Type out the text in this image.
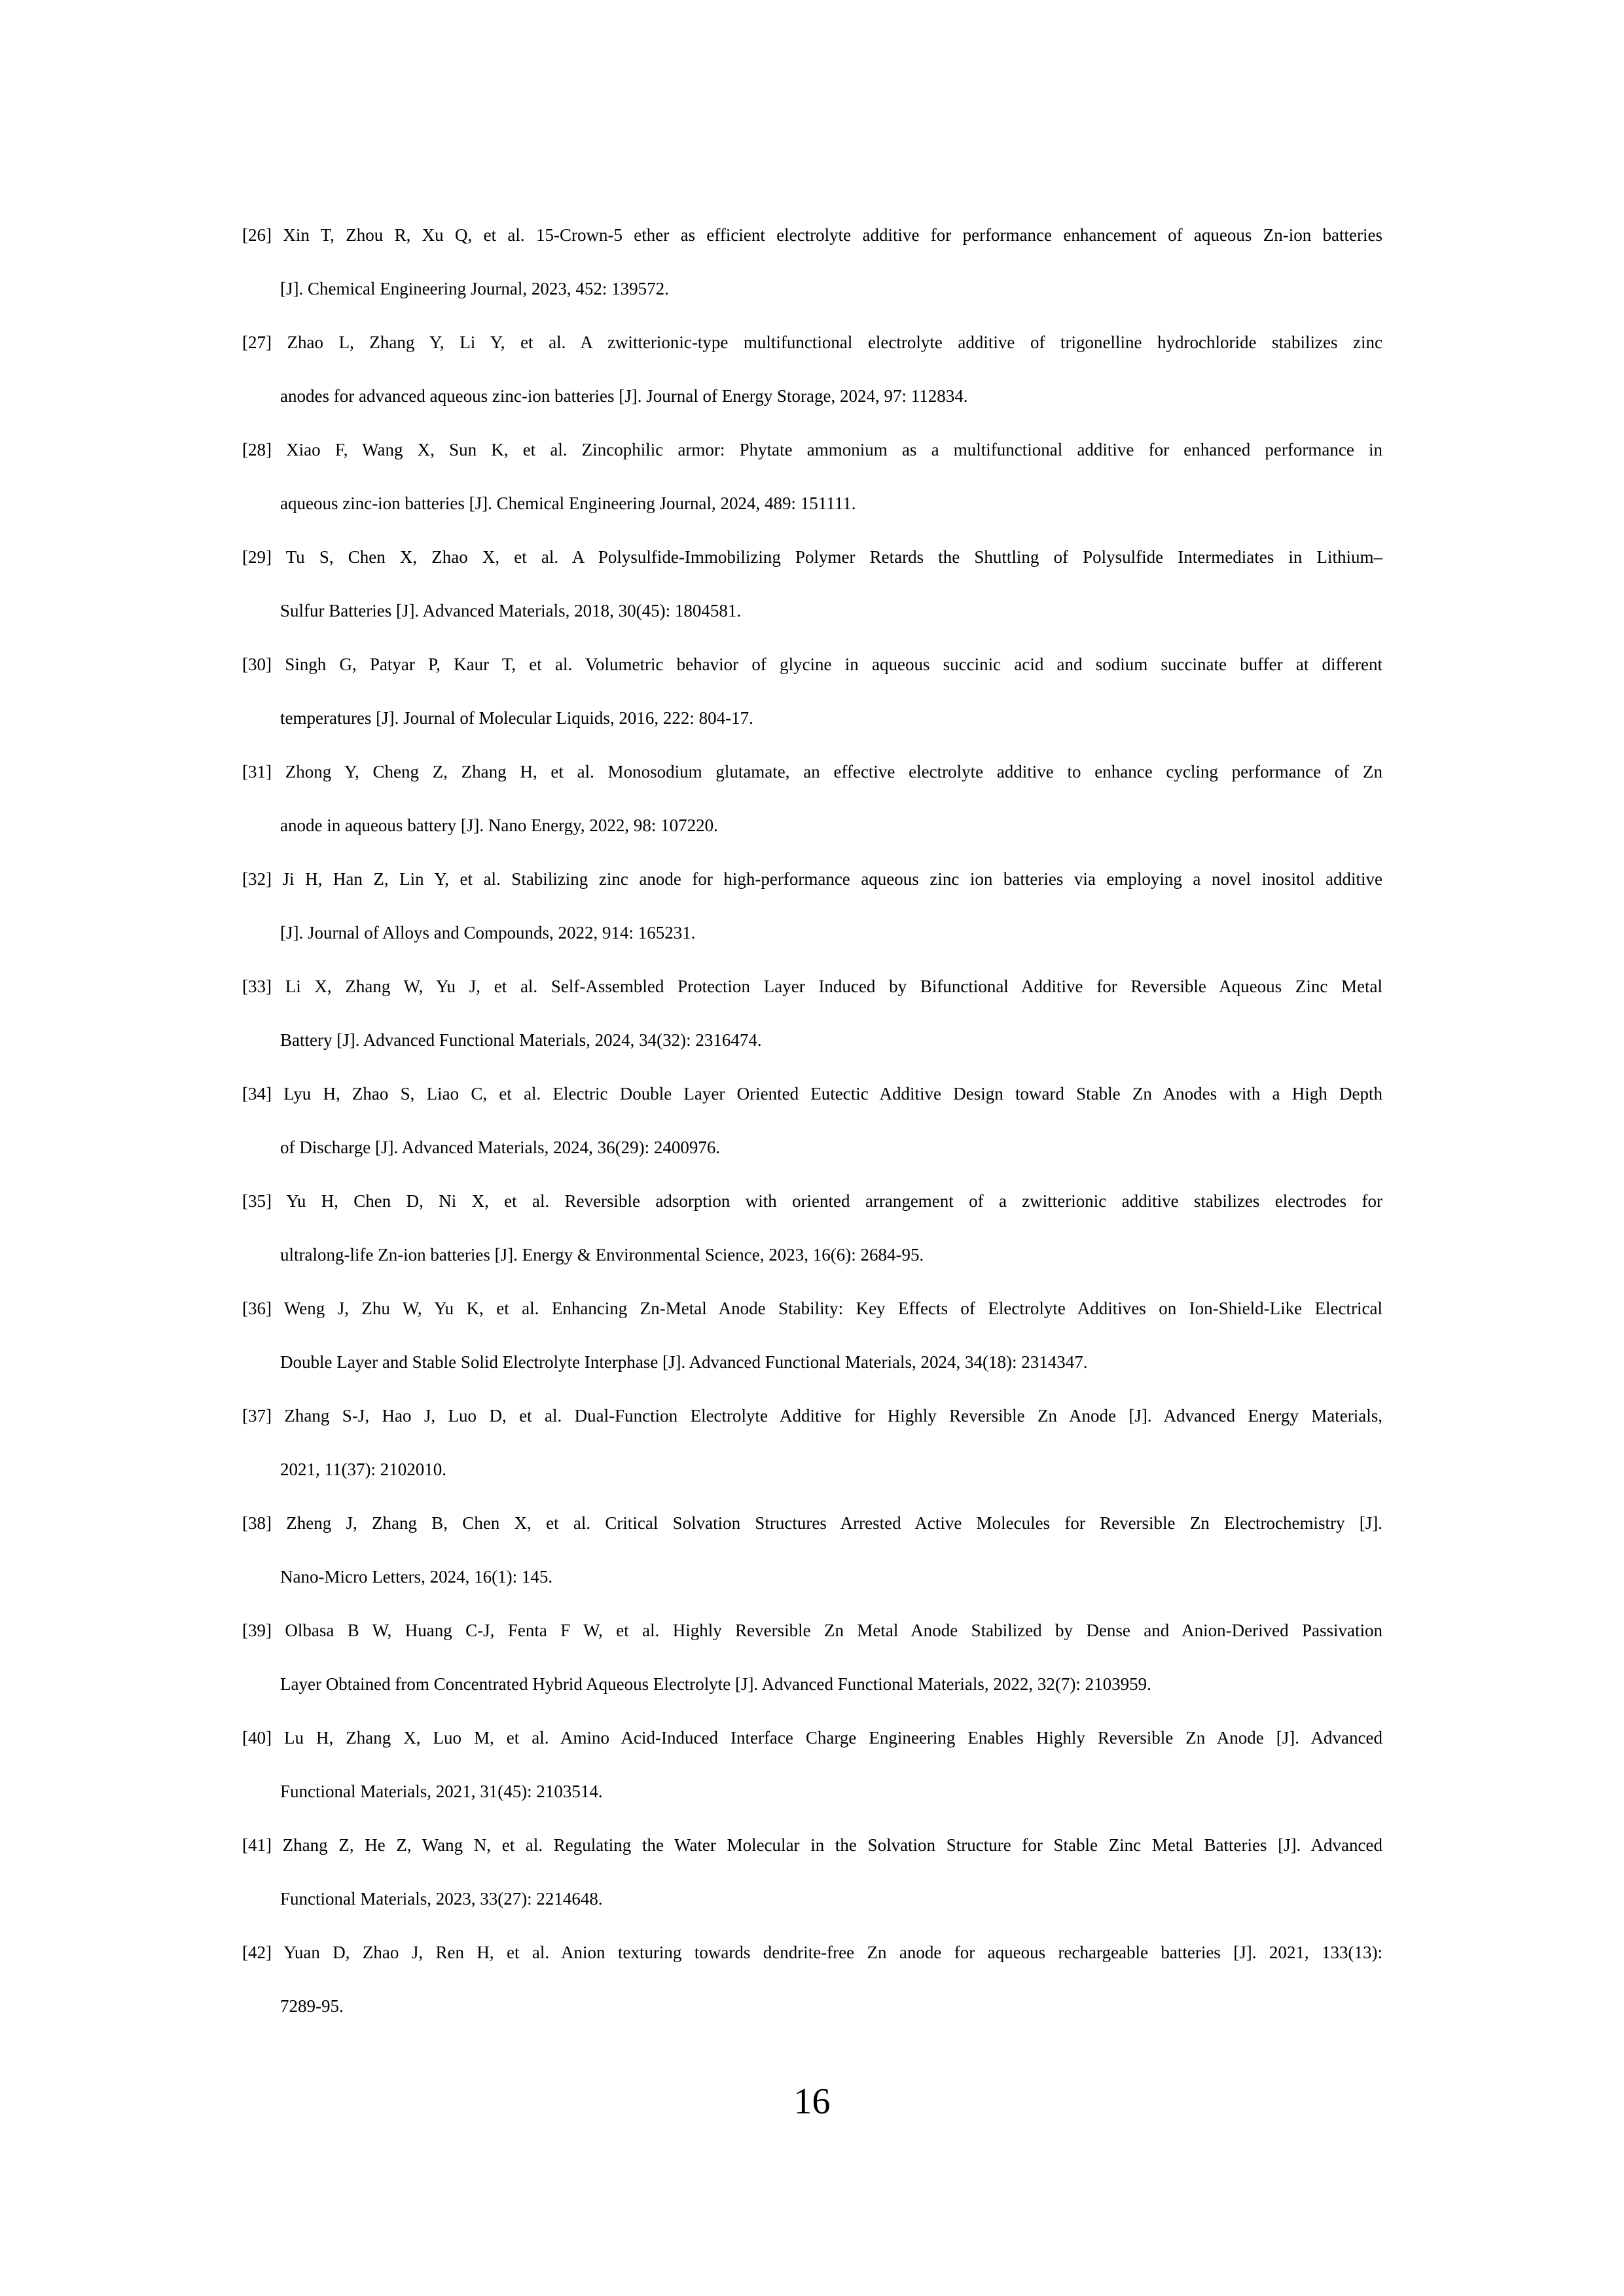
[26] Xin T, Zhou R, Xu Q, et al. 15-Crown-5 ether as efficient electrolyte additive for performance enhancement of aqueous Zn-ion batteries
[J]. Chemical Engineering Journal, 2023, 452: 139572.
[27] Zhao L, Zhang Y, Li Y, et al. A zwitterionic-type multifunctional electrolyte additive of trigonelline hydrochloride stabilizes zinc
anodes for advanced aqueous zinc-ion batteries [J]. Journal of Energy Storage, 2024, 97: 112834.
[28] Xiao F, Wang X, Sun K, et al. Zincophilic armor: Phytate ammonium as a multifunctional additive for enhanced performance in
aqueous zinc-ion batteries [J]. Chemical Engineering Journal, 2024, 489: 151111.
[29] Tu S, Chen X, Zhao X, et al. A Polysulfide-Immobilizing Polymer Retards the Shuttling of Polysulfide Intermediates in Lithium–
Sulfur Batteries [J]. Advanced Materials, 2018, 30(45): 1804581.
[30] Singh G, Patyar P, Kaur T, et al. Volumetric behavior of glycine in aqueous succinic acid and sodium succinate buffer at different
temperatures [J]. Journal of Molecular Liquids, 2016, 222: 804-17.
[31] Zhong Y, Cheng Z, Zhang H, et al. Monosodium glutamate, an effective electrolyte additive to enhance cycling performance of Zn
anode in aqueous battery [J]. Nano Energy, 2022, 98: 107220.
[32] Ji H, Han Z, Lin Y, et al. Stabilizing zinc anode for high-performance aqueous zinc ion batteries via employing a novel inositol additive
[J]. Journal of Alloys and Compounds, 2022, 914: 165231.
[33] Li X, Zhang W, Yu J, et al. Self-Assembled Protection Layer Induced by Bifunctional Additive for Reversible Aqueous Zinc Metal
Battery [J]. Advanced Functional Materials, 2024, 34(32): 2316474.
[34] Lyu H, Zhao S, Liao C, et al. Electric Double Layer Oriented Eutectic Additive Design toward Stable Zn Anodes with a High Depth
of Discharge [J]. Advanced Materials, 2024, 36(29): 2400976.
[35] Yu H, Chen D, Ni X, et al. Reversible adsorption with oriented arrangement of a zwitterionic additive stabilizes electrodes for
ultralong-life Zn-ion batteries [J]. Energy & Environmental Science, 2023, 16(6): 2684-95.
[36] Weng J, Zhu W, Yu K, et al. Enhancing Zn-Metal Anode Stability: Key Effects of Electrolyte Additives on Ion-Shield-Like Electrical
Double Layer and Stable Solid Electrolyte Interphase [J]. Advanced Functional Materials, 2024, 34(18): 2314347.
[37] Zhang S-J, Hao J, Luo D, et al. Dual-Function Electrolyte Additive for Highly Reversible Zn Anode [J]. Advanced Energy Materials,
2021, 11(37): 2102010.
[38] Zheng J, Zhang B, Chen X, et al. Critical Solvation Structures Arrested Active Molecules for Reversible Zn Electrochemistry [J].
Nano-Micro Letters, 2024, 16(1): 145.
[39] Olbasa B W, Huang C-J, Fenta F W, et al. Highly Reversible Zn Metal Anode Stabilized by Dense and Anion-Derived Passivation
Layer Obtained from Concentrated Hybrid Aqueous Electrolyte [J]. Advanced Functional Materials, 2022, 32(7): 2103959.
[40] Lu H, Zhang X, Luo M, et al. Amino Acid-Induced Interface Charge Engineering Enables Highly Reversible Zn Anode [J]. Advanced
Functional Materials, 2021, 31(45): 2103514.
[41] Zhang Z, He Z, Wang N, et al. Regulating the Water Molecular in the Solvation Structure for Stable Zinc Metal Batteries [J]. Advanced
Functional Materials, 2023, 33(27): 2214648.
[42] Yuan D, Zhao J, Ren H, et al. Anion texturing towards dendrite-free Zn anode for aqueous rechargeable batteries [J]. 2021, 133(13):
7289-95.
16
